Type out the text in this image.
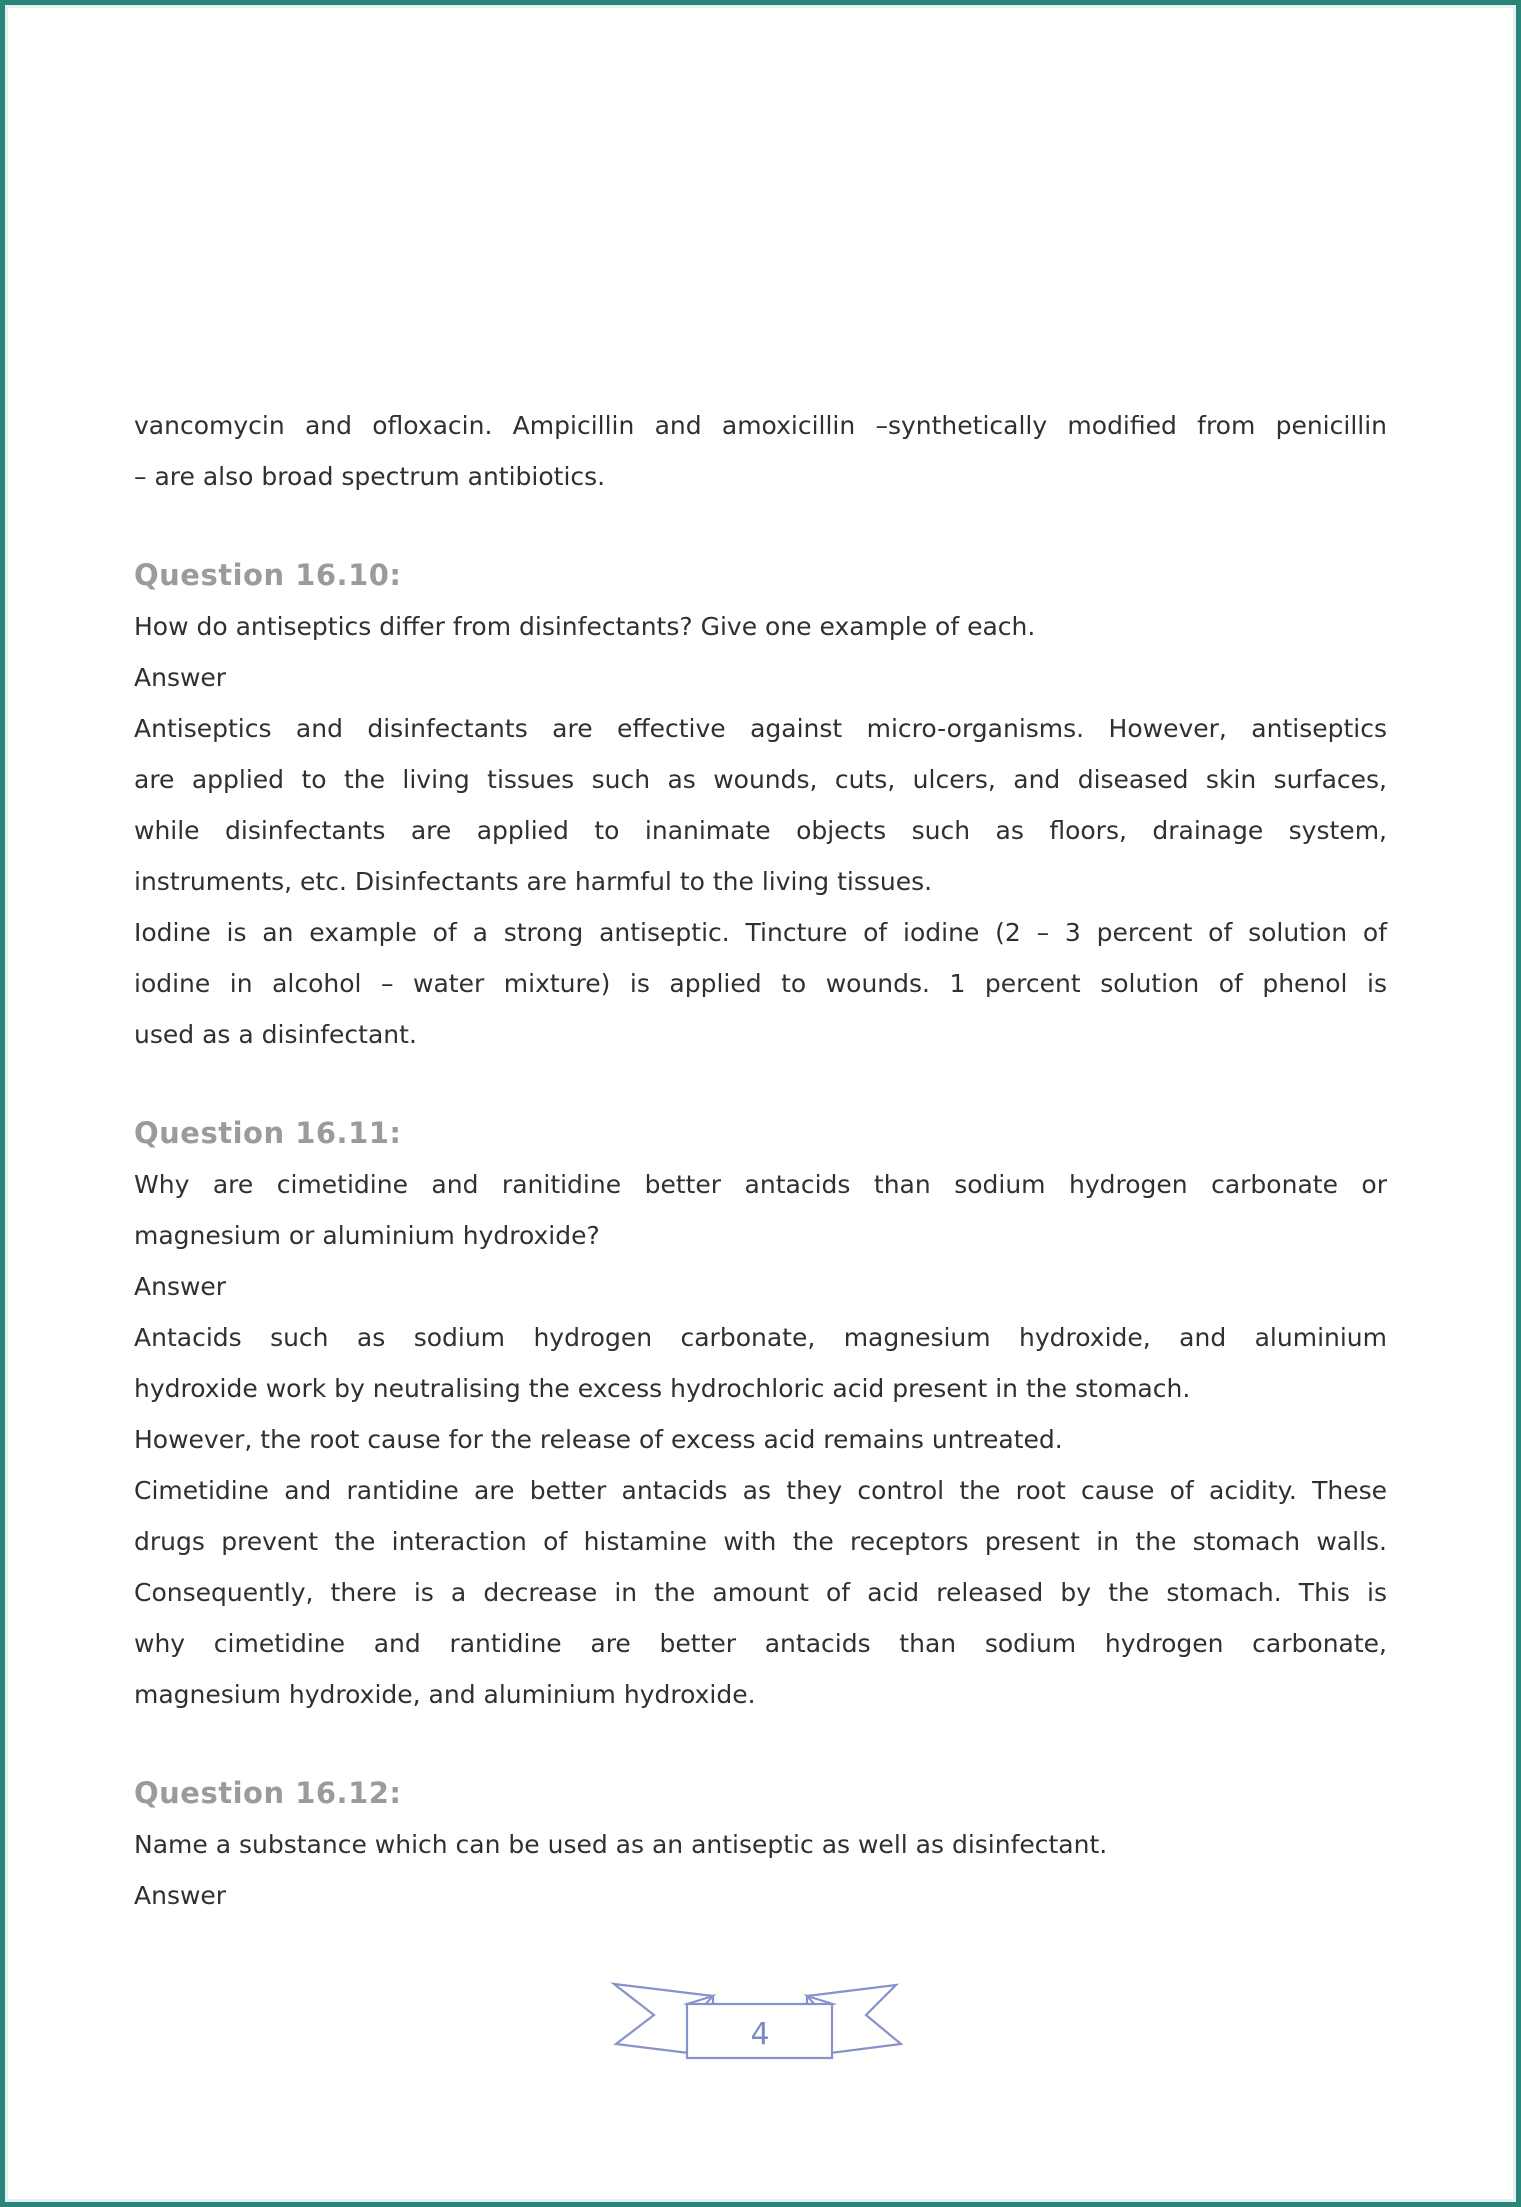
vancomycin and ofloxacin. Ampicillin and amoxicillin –synthetically modified from penicillin
– are also broad spectrum antibiotics.
Question 16.10:
How do antiseptics differ from disinfectants? Give one example of each.
Answer
Antiseptics and disinfectants are effective against micro-organisms. However, antiseptics
are applied to the living tissues such as wounds, cuts, ulcers, and diseased skin surfaces,
while disinfectants are applied to inanimate objects such as floors, drainage system,
instruments, etc. Disinfectants are harmful to the living tissues.
Iodine is an example of a strong antiseptic. Tincture of iodine (2 – 3 percent of solution of
iodine in alcohol – water mixture) is applied to wounds. 1 percent solution of phenol is
used as a disinfectant.
Question 16.11:
Why are cimetidine and ranitidine better antacids than sodium hydrogen carbonate or
magnesium or aluminium hydroxide?
Answer
Antacids such as sodium hydrogen carbonate, magnesium hydroxide, and aluminium
hydroxide work by neutralising the excess hydrochloric acid present in the stomach.
However, the root cause for the release of excess acid remains untreated.
Cimetidine and rantidine are better antacids as they control the root cause of acidity. These
drugs prevent the interaction of histamine with the receptors present in the stomach walls.
Consequently, there is a decrease in the amount of acid released by the stomach. This is
why cimetidine and rantidine are better antacids than sodium hydrogen carbonate,
magnesium hydroxide, and aluminium hydroxide.
Question 16.12:
Name a substance which can be used as an antiseptic as well as disinfectant.
Answer
4
